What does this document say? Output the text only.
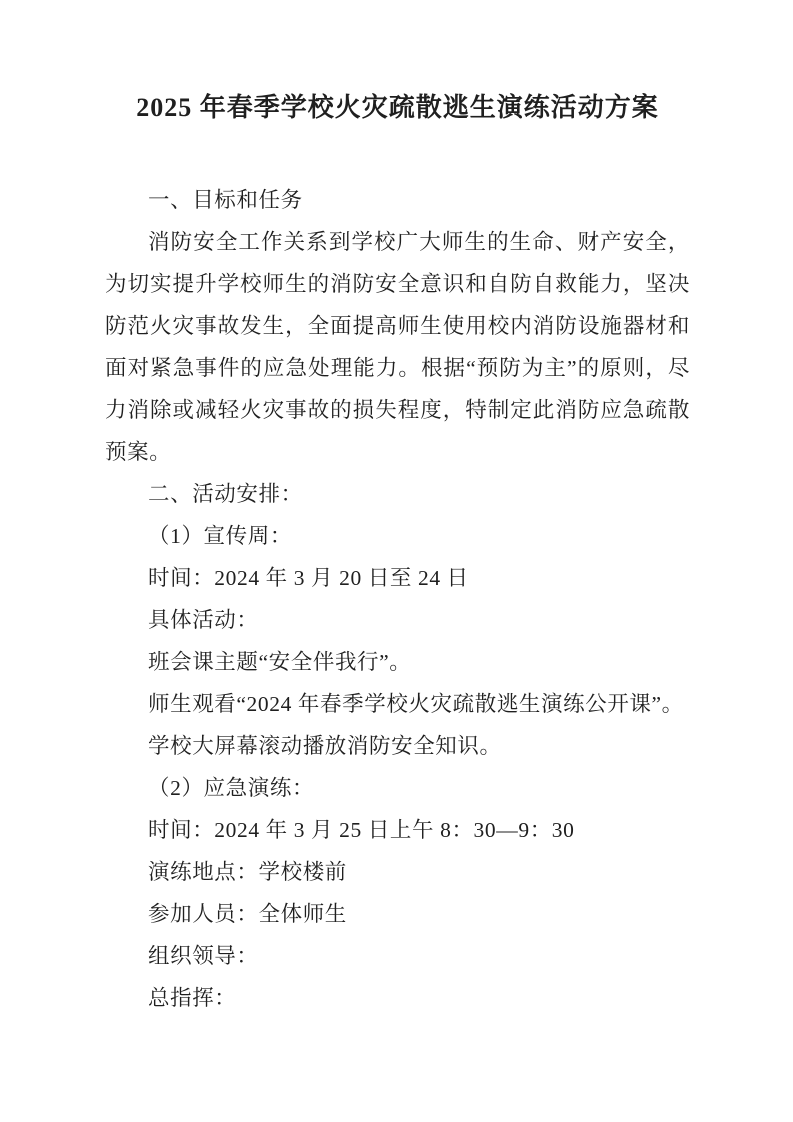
2025 年春季学校火灾疏散逃生演练活动方案

一、目标和任务

消防安全工作关系到学校广大师生的生命、财产安全，为切实提升学校师生的消防安全意识和自防自救能力，坚决防范火灾事故发生，全面提高师生使用校内消防设施器材和面对紧急事件的应急处理能力。根据“预防为主”的原则，尽力消除或减轻火灾事故的损失程度，特制定此消防应急疏散预案。

二、活动安排：

（1）宣传周：

时间：2024 年 3 月 20 日至 24 日

具体活动：

班会课主题“安全伴我行”。

师生观看“2024 年春季学校火灾疏散逃生演练公开课”。

学校大屏幕滚动播放消防安全知识。

（2）应急演练：

时间：2024 年 3 月 25 日上午 8：30—9：30

演练地点：学校楼前

参加人员：全体师生

组织领导：

总指挥：
